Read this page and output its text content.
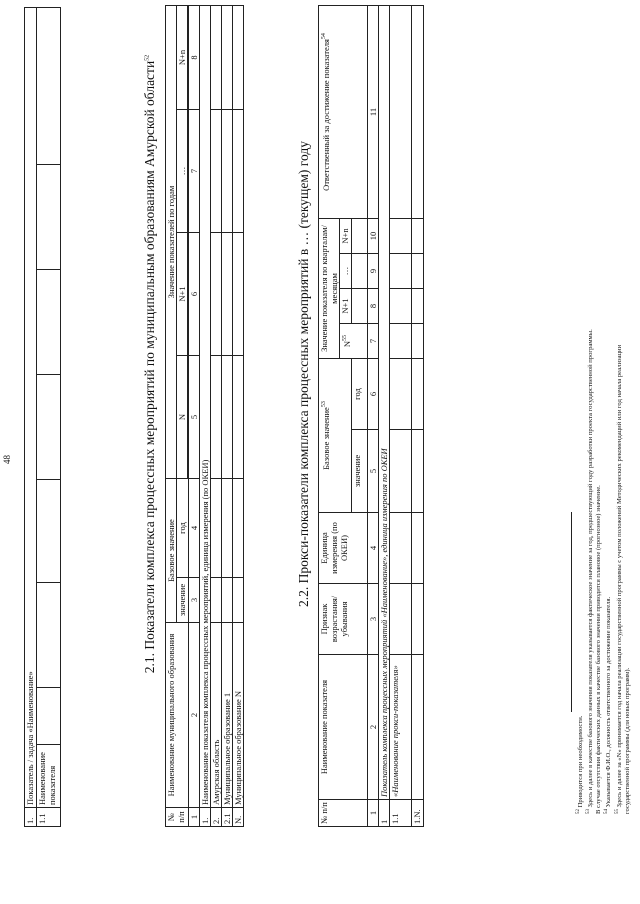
48
1.	Показатель / задача «Наименование»							
1.1	Наименование показателя							
2.1. Показатели комплекса процессных мероприятий по муниципальным образованиям Амурской области$^{52}$
№ п/п	Наименование муниципального образования	Базовое значение		Значение показателей по годам			
		значение	год	N	N+1	…	N+n

1	2	3	4	5	6	7	8
1.	Наименование показателя комплекса процессных мероприятий, единица измерения (по ОКЕИ)						
2.	Амурская область						
2.1	Муниципальное образование 1						
N.	Муниципальное образование N						
2.2. Прокси-показатели комплекса процессных мероприятий в … (текущем) году
№ п/п	Наименование показателя	Признак возрастания/ убывания	Единица измерения (по ОКЕИ)	Базовое значение$^{53}$		Значение показателя по кварталам/месяцам				Ответственный за достижение показателя$^{54}$
						$N^{55}$	N+1	…	N+n	
				значение	год					
1	2	3	4	5	6	7	8	9	10	11
1	Показатель комплекса процессных мероприятий «Наименование», единица измерения по ОКЕИ									
1.1	«Наименование прокси-показателя»									
1.N.											$^{52}$ Приводится при необходимости.
$^{53}$ Здесь и далее в качестве базового значения показателя указывается фактическое значение за год, предшествующий году разработки проекта государственной программы. В случае отсутствия фактических данных в качестве базового значения приводится плановое (прогнозное) значение. $^{54}$ Указывается Ф.И.О., должность ответственного за достижение показателя.
$^{55}$ Здесь и далее за «N» принимается год начала реализации государственной программы с учетом положений Методических рекомендаций или год начала реализации государственной программы (для новых программ).
